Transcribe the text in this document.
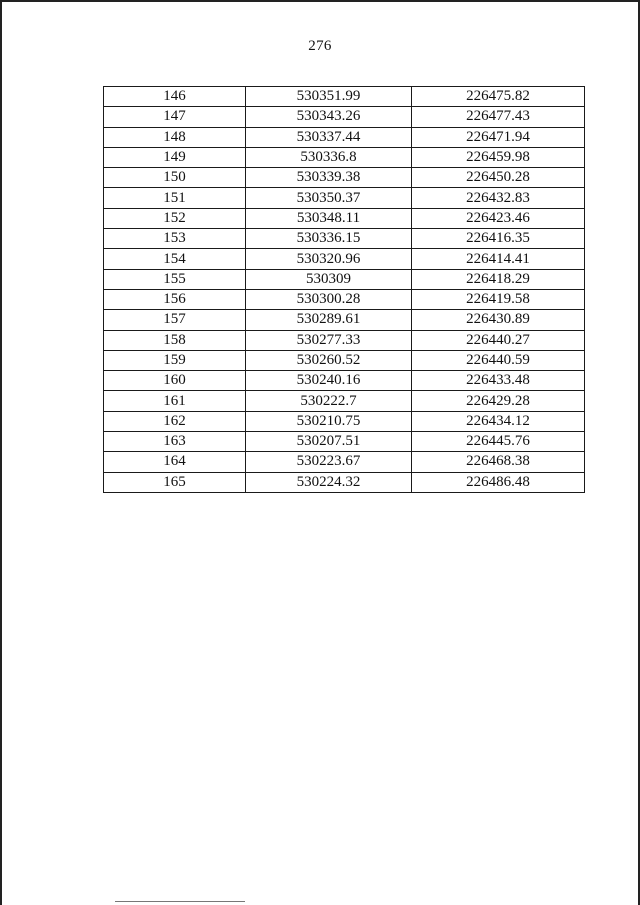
276
146	530351.99	226475.82
147	530343.26	226477.43
148	530337.44	226471.94
149	530336.8	226459.98
150	530339.38	226450.28
151	530350.37	226432.83
152	530348.11	226423.46
153	530336.15	226416.35
154	530320.96	226414.41
155	530309	226418.29
156	530300.28	226419.58
157	530289.61	226430.89
158	530277.33	226440.27
159	530260.52	226440.59
160	530240.16	226433.48
161	530222.7	226429.28
162	530210.75	226434.12
163	530207.51	226445.76
164	530223.67	226468.38
165	530224.32	226486.48
